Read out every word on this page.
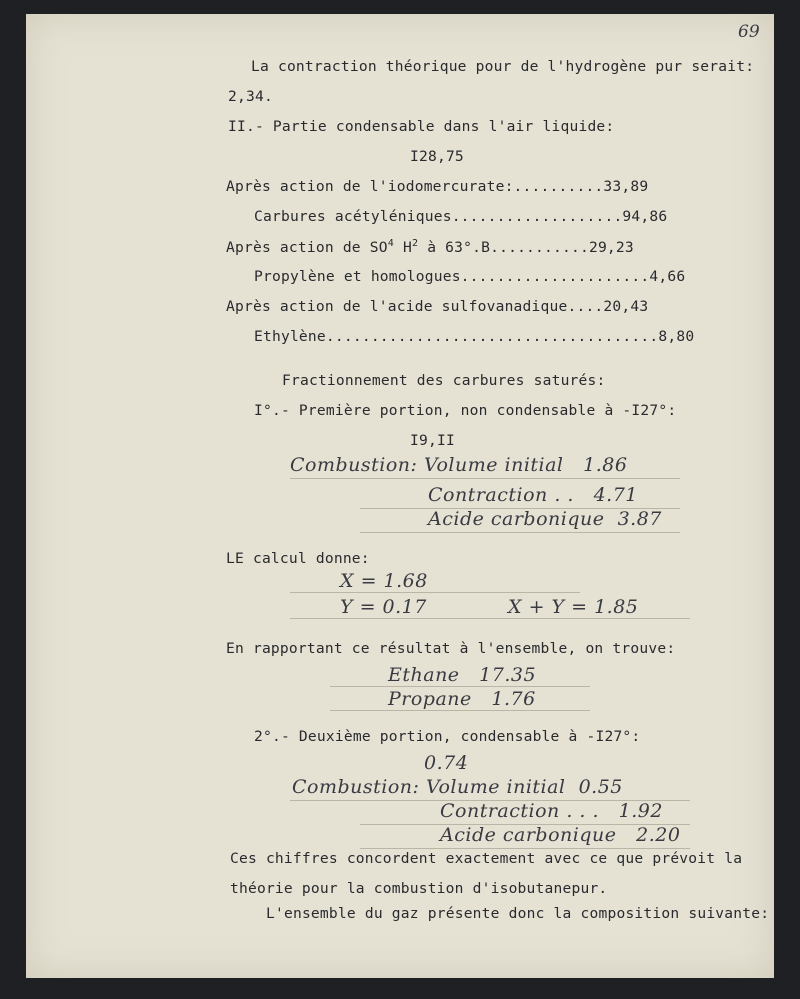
69
La contraction théorique pour de l'hydrogène pur serait:
2,34.
II.- Partie condensable dans l'air liquide:
I28,75
Après action de l'iodomercurate:..........33,89
Carbures acétyléniques...................94,86
Après action de $SO^4$ $H^2$ à 63°.B...........29,23
Propylène et homologues.....................4,66
Après action de l'acide sulfovanadique....20,43
Ethylène.....................................8,80
Fractionnement des carbures saturés:
I°.- Première portion, non condensable à -I27°:
I9,II
Combustion: Volume initial   1.86
Contraction . .   4.71
Acide carbonique  3.87
LE calcul donne:
X = 1.68
Y = 0.17	X + Y = 1.85
En rapportant ce résultat à l'ensemble, on trouve:
Ethane   17.35
Propane   1.76
2°.- Deuxième portion, condensable à -I27°:
0.74
Combustion: Volume initial  0.55
Contraction . . .   1.92
Acide carbonique   2.20
Ces chiffres concordent exactement avec ce que prévoit la
théorie pour la combustion d'isobutanepur.
L'ensemble du gaz présente donc la composition suivante:
